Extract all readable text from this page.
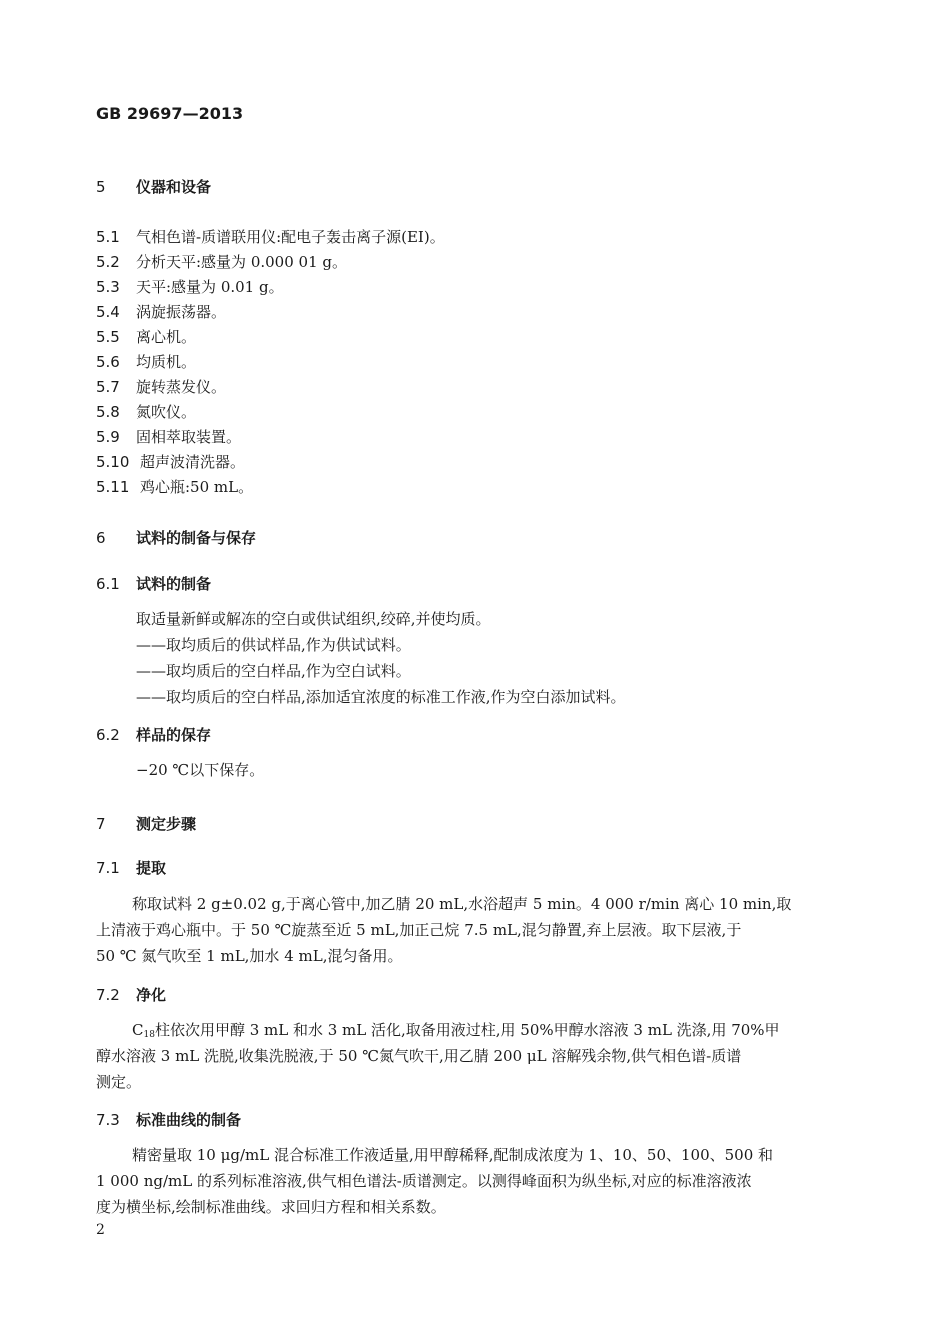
GB 29697—2013
5 仪器和设备
5.1 气相色谱-质谱联用仪:配电子轰击离子源(EI)。
5.2 分析天平:感量为 0.000 01 g。
5.3 天平:感量为 0.01 g。
5.4 涡旋振荡器。
5.5 离心机。
5.6 均质机。
5.7 旋转蒸发仪。
5.8 氮吹仪。
5.9 固相萃取装置。
5.10 超声波清洗器。
5.11 鸡心瓶:50 mL。
6 试料的制备与保存
6.1 试料的制备

取适量新鲜或解冻的空白或供试组织,绞碎,并使均质。

——取均质后的供试样品,作为供试试料。

——取均质后的空白样品,作为空白试料。

——取均质后的空白样品,添加适宜浓度的标准工作液,作为空白添加试料。

6.2 样品的保存

−20 ℃以下保存。

7 测定步骤
7.1 提取

称取试料 2 g±0.02 g,于离心管中,加乙腈 20 mL,水浴超声 5 min。4 000 r/min 离心 10 min,取

上清液于鸡心瓶中。于 50 ℃旋蒸至近 5 mL,加正己烷 7.5 mL,混匀静置,弃上层液。取下层液,于

50 ℃ 氮气吹至 1 mL,加水 4 mL,混匀备用。

7.2 净化

$C_{18}$柱依次用甲醇 3 mL 和水 3 mL 活化,取备用液过柱,用 50%甲醇水溶液 3 mL 洗涤,用 70%甲

醇水溶液 3 mL 洗脱,收集洗脱液,于 50 ℃氮气吹干,用乙腈 200 μL 溶解残余物,供气相色谱-质谱

测定。

7.3 标准曲线的制备

精密量取 10 μg/mL 混合标准工作液适量,用甲醇稀释,配制成浓度为 1、10、50、100、500 和

1 000 ng/mL 的系列标准溶液,供气相色谱法-质谱测定。以测得峰面积为纵坐标,对应的标准溶液浓

度为横坐标,绘制标准曲线。求回归方程和相关系数。

2
